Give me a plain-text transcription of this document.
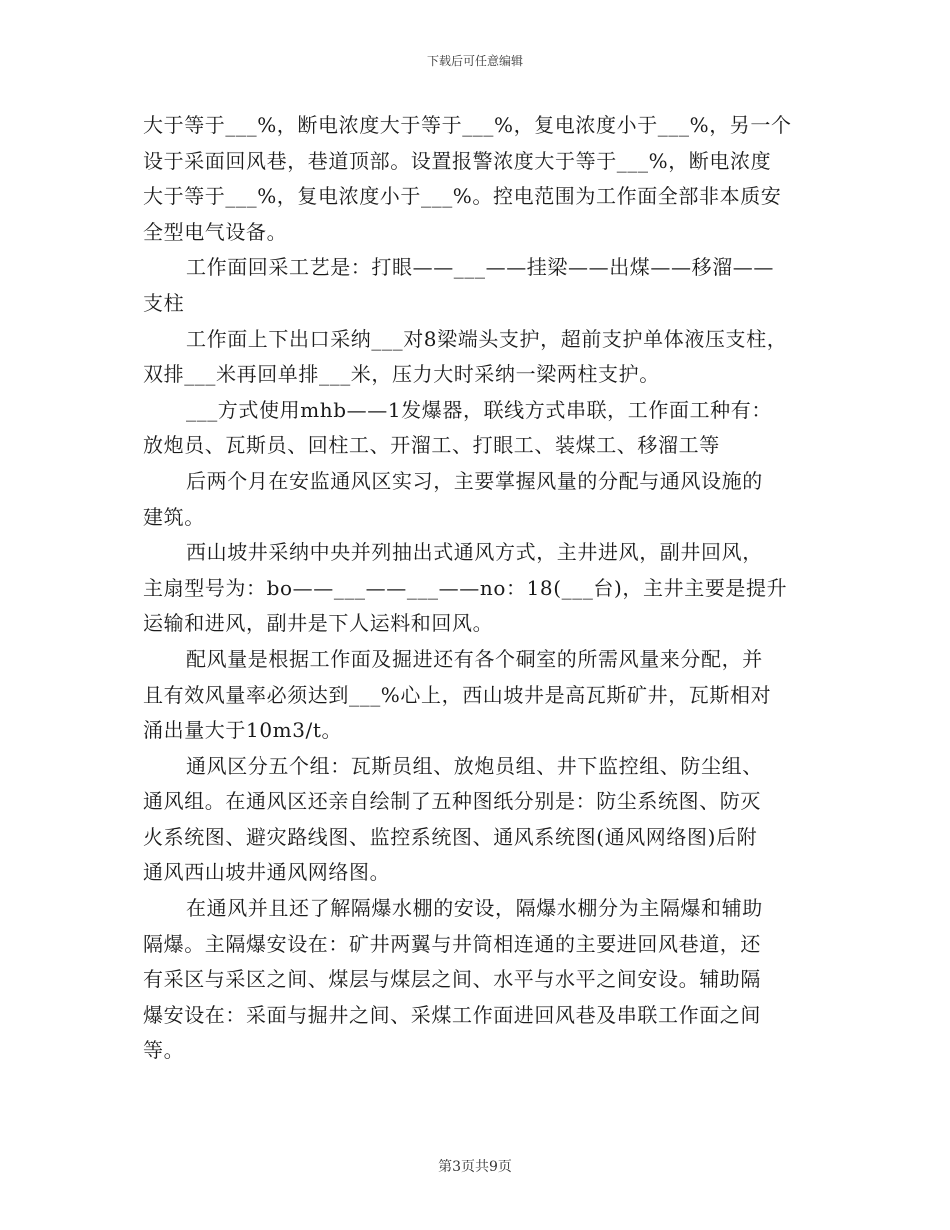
下载后可任意编辑

大于等于___%，断电浓度大于等于___%，复电浓度小于___%，另一个

设于采面回风巷，巷道顶部。设置报警浓度大于等于___%，断电浓度

大于等于___%，复电浓度小于___%。控电范围为工作面全部非本质安

全型电气设备。

工作面回采工艺是：打眼——___——挂梁——出煤——移溜——

支柱

工作面上下出口采纳___对8梁端头支护，超前支护单体液压支柱，

双排___米再回单排___米，压力大时采纳一梁两柱支护。

___方式使用mhb——1发爆器，联线方式串联，工作面工种有：

放炮员、瓦斯员、回柱工、开溜工、打眼工、装煤工、移溜工等

后两个月在安监通风区实习，主要掌握风量的分配与通风设施的

建筑。

西山坡井采纳中央并列抽出式通风方式，主井进风，副井回风，

主扇型号为：bo——___——___——no：18(___台)，主井主要是提升

运输和进风，副井是下人运料和回风。

配风量是根据工作面及掘进还有各个硐室的所需风量来分配，并

且有效风量率必须达到___%心上，西山坡井是高瓦斯矿井，瓦斯相对

涌出量大于10m3/t。

通风区分五个组：瓦斯员组、放炮员组、井下监控组、防尘组、

通风组。在通风区还亲自绘制了五种图纸分别是：防尘系统图、防灭

火系统图、避灾路线图、监控系统图、通风系统图(通风网络图)后附

通风西山坡井通风网络图。

在通风并且还了解隔爆水棚的安设，隔爆水棚分为主隔爆和辅助

隔爆。主隔爆安设在：矿井两翼与井筒相连通的主要进回风巷道，还

有采区与采区之间、煤层与煤层之间、水平与水平之间安设。辅助隔

爆安设在：采面与掘井之间、采煤工作面进回风巷及串联工作面之间

等。

第3页共9页
